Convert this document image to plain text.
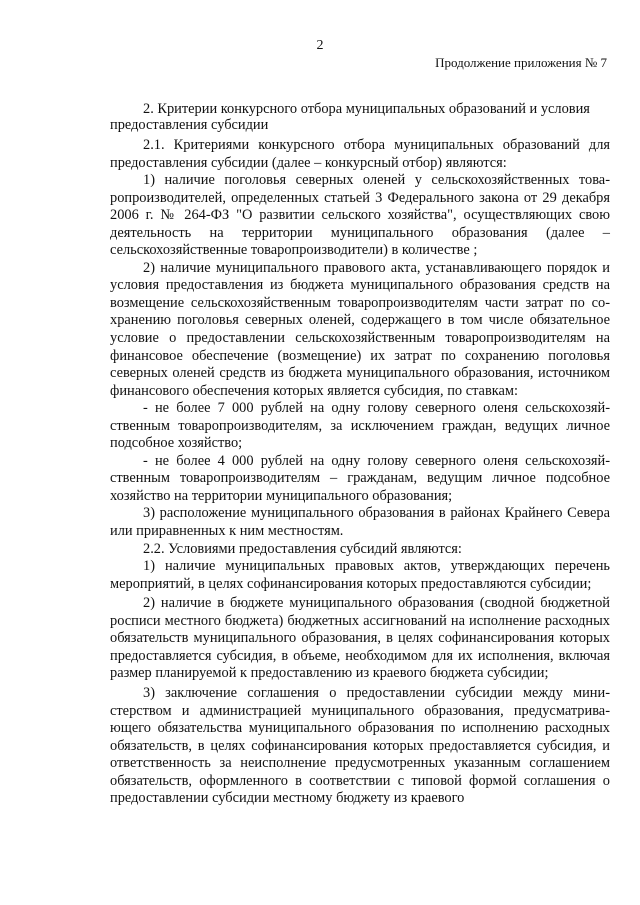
2
Продолжение приложения № 7

2. Критерии конкурсного отбора муниципальных образований и условия предоставления субсидии

2.1. Критериями конкурсного отбора муниципальных образований для предоставления субсидии (далее – конкурсный отбор) являются:

1) наличие поголовья северных оленей у сельскохозяйственных товаропроизводителей, определенных статьей 3 Федерального закона от 29 декабря 2006 г. № 264-ФЗ "О развитии сельского хозяйства", осуществляющих свою деятельность на территории муниципального образования (далее – сельскохозяйственные товаропроизводители) в количестве ;

2) наличие муниципального правового акта, устанавливающего порядок и условия предоставления из бюджета муниципального образования средств на возмещение сельскохозяйственным товаропроизводителям части затрат по сохранению поголовья северных оленей, содержащего в том числе обязательное условие о предоставлении сельскохозяйственным товаропроизводителям на финансовое обеспечение (возмещение) их затрат по сохранению поголовья северных оленей средств из бюджета муниципального образования, источником финансового обеспечения которых является субсидия, по ставкам:

- не более 7 000 рублей на одну голову северного оленя сельскохозяйственным товаропроизводителям, за исключением граждан, ведущих личное подсобное хозяйство;

- не более 4 000 рублей на одну голову северного оленя сельскохозяйственным товаропроизводителям – гражданам, ведущим личное подсобное хозяйство на территории муниципального образования;

3) расположение муниципального образования в районах Крайнего Севера или приравненных к ним местностям.

2.2. Условиями предоставления субсидий являются:

1) наличие муниципальных правовых актов, утверждающих перечень мероприятий, в целях софинансирования которых предоставляются субсидии;

2) наличие в бюджете муниципального образования (сводной бюджетной росписи местного бюджета) бюджетных ассигнований на исполнение расходных обязательств муниципального образования, в целях софинансирования которых предоставляется субсидия, в объеме, необходимом для их исполнения, включая размер планируемой к предоставлению из краевого бюджета субсидии;

3) заключение соглашения о предоставлении субсидии между министерством и администрацией муниципального образования, предусматривающего обязательства муниципального образования по исполнению расходных обязательств, в целях софинансирования которых предоставляется субсидия, и ответственность за неисполнение предусмотренных указанным соглашением обязательств, оформленного в соответствии с типовой формой соглашения о предоставлении субсидии местному бюджету из краевого
